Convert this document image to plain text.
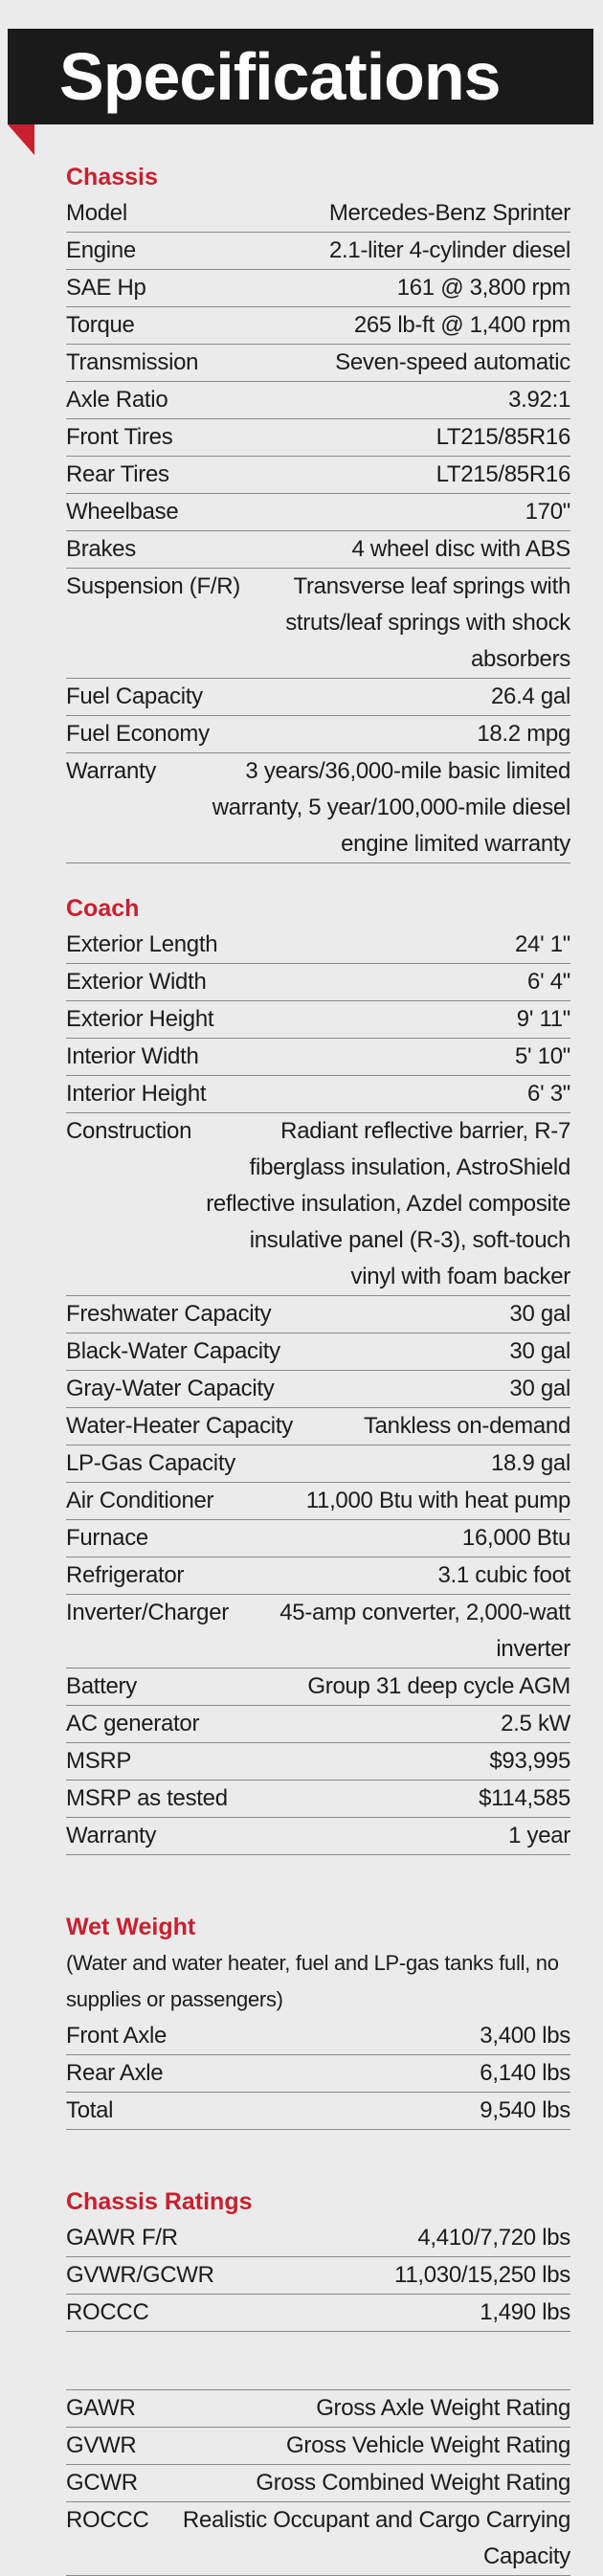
Specifications
Chassis
Model	Mercedes-Benz Sprinter
Engine	2.1-liter 4-cylinder diesel
SAE Hp	161 @ 3,800 rpm
Torque	265 lb-ft @ 1,400 rpm
Transmission	Seven-speed automatic
Axle Ratio	3.92:1
Front Tires	LT215/85R16
Rear Tires	LT215/85R16
Wheelbase	170"
Brakes	4 wheel disc with ABS
Suspension (F/R)	Transverse leaf springs with struts/leaf springs with shock absorbers
Fuel Capacity	26.4 gal
Fuel Economy	18.2 mpg
Warranty	3 years/36,000-mile basic limited warranty, 5 year/100,000-mile diesel engine limited warranty
Coach
Exterior Length	24' 1"
Exterior Width	6' 4"
Exterior Height	9' 11"
Interior Width	5' 10"
Interior Height	6' 3"
Construction	Radiant reflective barrier, R-7 fiberglass insulation, AstroShield reflective insulation, Azdel composite insulative panel (R-3), soft-touch vinyl with foam backer
Freshwater Capacity	30 gal
Black-Water Capacity	30 gal
Gray-Water Capacity	30 gal
Water-Heater Capacity	Tankless on-demand
LP-Gas Capacity	18.9 gal
Air Conditioner	11,000 Btu with heat pump
Furnace	16,000 Btu
Refrigerator	3.1 cubic foot
Inverter/Charger	45-amp converter, 2,000-watt inverter
Battery	Group 31 deep cycle AGM
AC generator	2.5 kW
MSRP	$93,995
MSRP as tested	$114,585
Warranty	1 year
Wet Weight
(Water and water heater, fuel and LP-gas tanks full, no supplies or passengers)
Front Axle	3,400 lbs
Rear Axle	6,140 lbs
Total	9,540 lbs
Chassis Ratings
GAWR F/R	4,410/7,720 lbs
GVWR/GCWR	11,030/15,250 lbs
ROCCC	1,490 lbs
GAWR	Gross Axle Weight Rating
GVWR	Gross Vehicle Weight Rating
GCWR	Gross Combined Weight Rating
ROCCC	Realistic Occupant and Cargo Carrying Capacity
